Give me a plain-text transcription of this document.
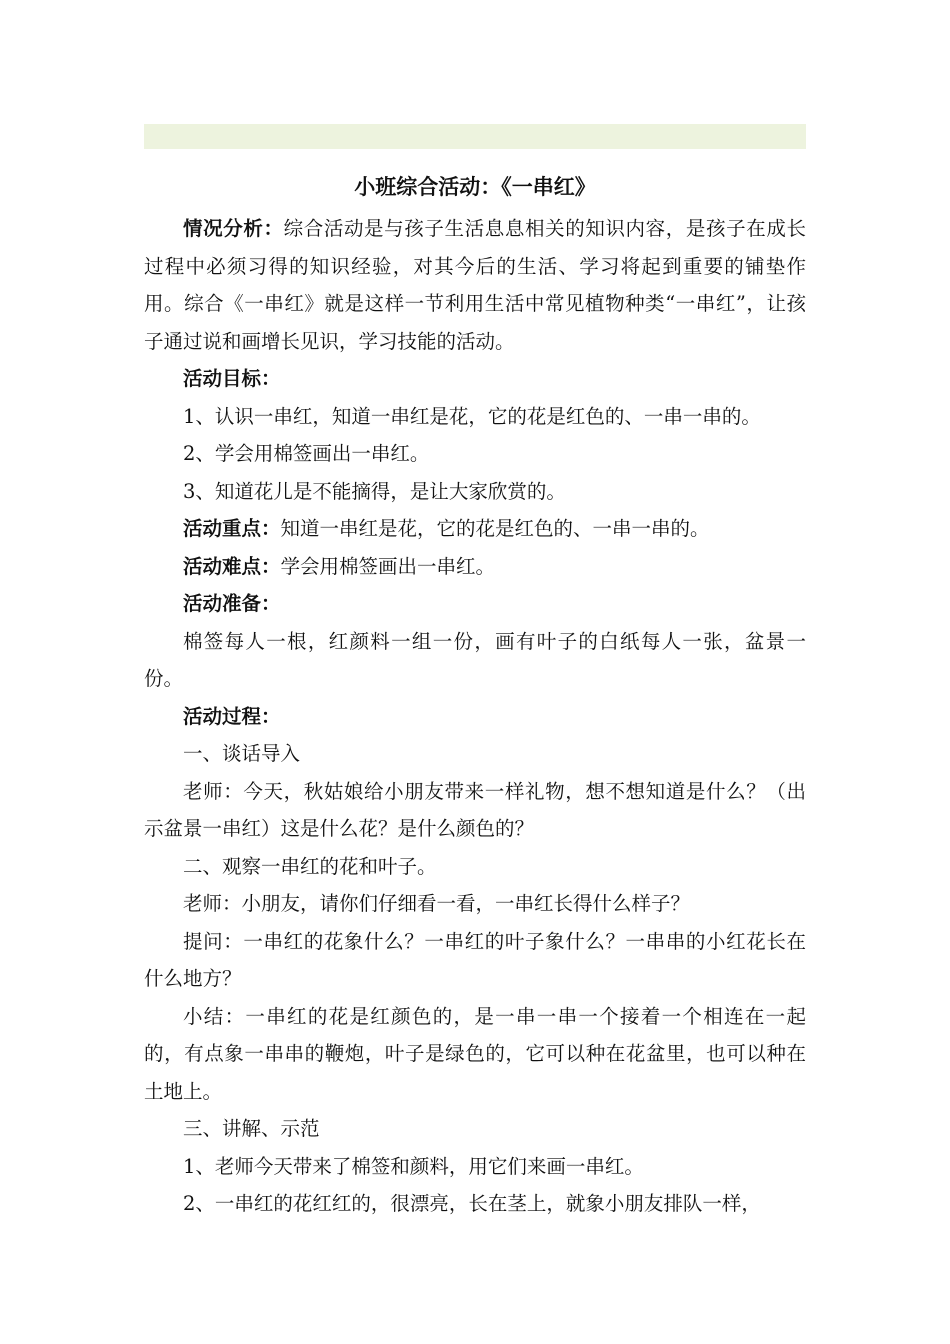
小班综合活动：《一串红》

情况分析：综合活动是与孩子生活息息相关的知识内容，是孩子在成长过程中必须习得的知识经验，对其今后的生活、学习将起到重要的铺垫作用。综合《一串红》就是这样一节利用生活中常见植物种类“一串红”，让孩子通过说和画增长见识，学习技能的活动。

活动目标：

1、认识一串红，知道一串红是花，它的花是红色的、一串一串的。

2、学会用棉签画出一串红。

3、知道花儿是不能摘得，是让大家欣赏的。

活动重点：知道一串红是花，它的花是红色的、一串一串的。

活动难点：学会用棉签画出一串红。

活动准备：

棉签每人一根，红颜料一组一份，画有叶子的白纸每人一张，盆景一份。

活动过程：

一、谈话导入

老师：今天，秋姑娘给小朋友带来一样礼物，想不想知道是什么？（出示盆景一串红）这是什么花？是什么颜色的？

二、观察一串红的花和叶子。

老师：小朋友，请你们仔细看一看，一串红长得什么样子？

提问：一串红的花象什么？一串红的叶子象什么？一串串的小红花长在什么地方？

小结：一串红的花是红颜色的，是一串一串一个接着一个相连在一起的，有点象一串串的鞭炮，叶子是绿色的，它可以种在花盆里，也可以种在土地上。

三、讲解、示范

1、老师今天带来了棉签和颜料，用它们来画一串红。

2、一串红的花红红的，很漂亮，长在茎上，就象小朋友排队一样，
